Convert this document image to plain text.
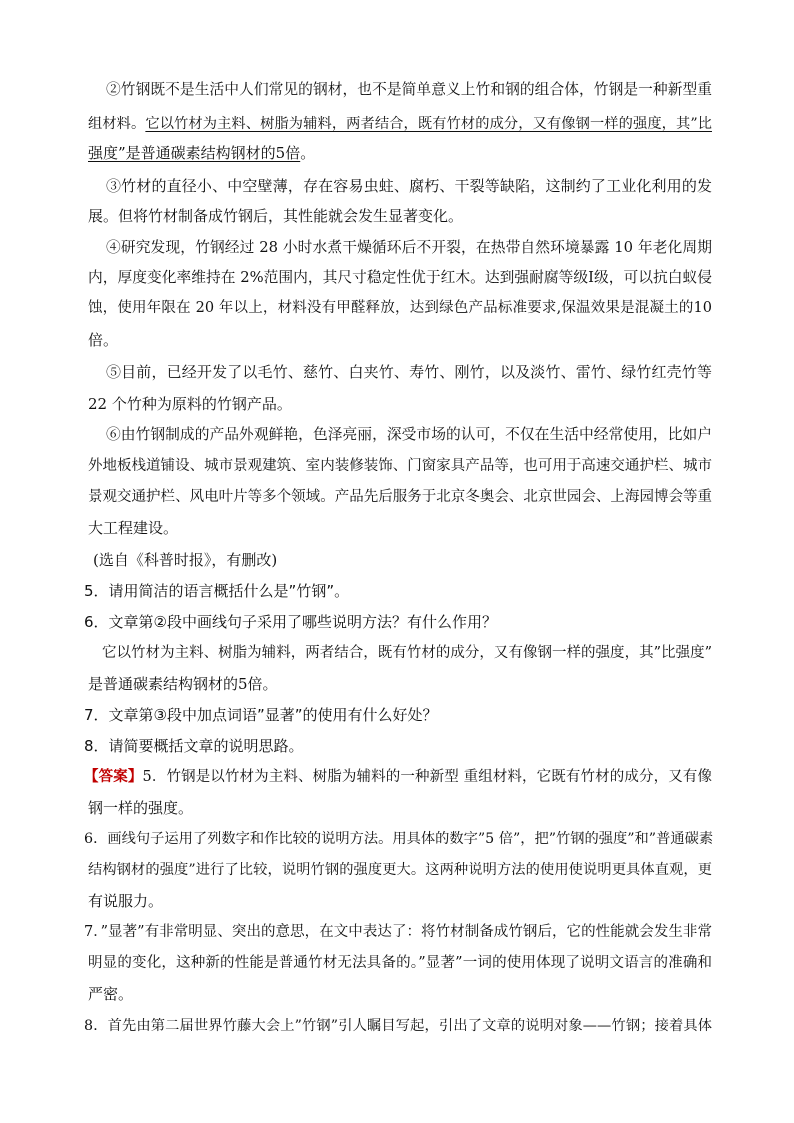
②竹钢既不是生活中人们常见的钢材，也不是简单意义上竹和钢的组合体，竹钢是一种新型重
组材料。它以竹材为主料、树脂为辅料，两者结合，既有竹材的成分，又有像钢一样的强度，其”比
强度”是普通碳素结构钢材的5倍。
③竹材的直径小、中空壁薄，存在容易虫蛀、腐朽、干裂等缺陷，这制约了工业化利用的发
展。但将竹材制备成竹钢后，其性能就会发生显著变化。
④研究发现，竹钢经过 28 小时水煮干燥循环后不开裂，在热带自然环境暴露 10 年老化周期
内，厚度变化率维持在 2%范围内，其尺寸稳定性优于红木。达到强耐腐等级Ⅰ级，可以抗白蚁侵
蚀，使用年限在 20 年以上，材料没有甲醛释放，达到绿色产品标准要求,保温效果是混凝土的10
倍。
⑤目前，已经开发了以毛竹、慈竹、白夹竹、寿竹、刚竹，以及淡竹、雷竹、绿竹红壳竹等
22 个竹种为原料的竹钢产品。
⑥由竹钢制成的产品外观鲜艳，色泽亮丽，深受市场的认可，不仅在生活中经常使用，比如户
外地板栈道铺设、城市景观建筑、室内装修装饰、门窗家具产品等，也可用于高速交通护栏、城市
景观交通护栏、风电叶片等多个领域。产品先后服务于北京冬奥会、北京世园会、上海园博会等重
大工程建设。
(选自《科普时报》，有删改)
5．请用简洁的语言概括什么是”竹钢”。
6．文章第②段中画线句子采用了哪些说明方法？有什么作用？
它以竹材为主料、树脂为辅料，两者结合，既有竹材的成分，又有像钢一样的强度，其”比强度”
是普通碳素结构钢材的5倍。
7．文章第③段中加点词语”显著”的使用有什么好处？
8．请简要概括文章的说明思路。
【答案】5．竹钢是以竹材为主料、树脂为辅料的一种新型 重组材料，它既有竹材的成分，又有像
钢一样的强度。
6．画线句子运用了列数字和作比较的说明方法。用具体的数字”5 倍”，把”竹钢的强度”和”普通碳素
结构钢材的强度”进行了比较，说明竹钢的强度更大。这两种说明方法的使用使说明更具体直观，更
有说服力。
7．”显著”有非常明显、突出的意思，在文中表达了：将竹材制备成竹钢后，它的性能就会发生非常
明显的变化，这种新的性能是普通竹材无法具备的。”显著”一词的使用体现了说明文语言的准确和
严密。
8．首先由第二届世界竹藤大会上”竹钢”引人瞩目写起，引出了文章的说明对象——竹钢；接着具体
